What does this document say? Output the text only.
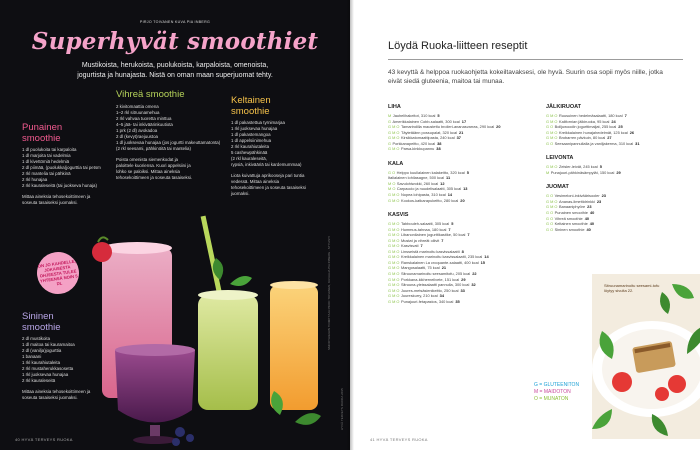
PIRJO TOIVANEN KUVA PIA INBERG
Superhyvät smoothiet
Mustikoista, herukoista, puolukoista, karpaloista, omenoista, jogurtista ja hunajasta. Nistä on oman maan superjuomat tehty.
Punainen smoothie
1 dl puolukoita tai karpaloita
1 dl marjoita tai vadelmia
1 dl kivettömiä hedelmiä
2 dl piimää, (puolukka)jogurttia tai petsm
2 rkl mantelia tai pähkinä
2 rkl hunajaa
2 rkl kauraleseitä (tai juokseva hunaja)
Mittaa aineksia tehosekoittimeen ja soseuta tasaiseksi juomaksi.
Vihreä smoothie
2 kivitomaattia omena
1–2 rkl sitruunamehua
2 rkl vahvaa tuoretta minttua
4–5 jää- tai inkiväärinkuutiota
1 prk (2 dl) avokadoa
2 dl (kevyt)raejuustoa
1 dl juoksevaa hunajaa (jos jogurtti makeuttamatonta)
(2 rkl seesami, pähkinöitä tai mantelia)
Poista omenista siemenkodat ja paloittele kuoriensa. Kuori appelsiini ja lohko se paloiksi. Mittaa aineksia tehosekoittimeen ja soseuta tasaiseksi.
Keltainen smoothie
1 dl pakastettua tyrnimarjaa
1 rkl juoksevaa hunajaa
1 dl pakastemangoa
1 dl appelsiinimehua
2 rkl kaurahiutaleita
5 cashewpähkinää
(2 rkl kauraleseitä,
rypsiä, inkivääriä tai kardemummaa)
Liota kuivattuja aprikooseja pari tuntia vedessä. Mittaa aineksia tehosekoittimeen ja soseuta tasaiseksi juomaksi.
Sininen smoothie
2 dl mustikoita
1 dl maitoa tai kauramaitoa
2 dl (vanilja)jogurttia
1 banaani
1 rkl kaurahiutaleita
2 rkl mustaherukkasosetta
1 rkl juoksevaa hunajaa
2 rkl kauraleseitä
Mittaa aineksia tehosekoittimeen ja soseuta tasaiseksi juomaksi.
ON JO KAHDELLE, JOKAISESTA OHJEESTA TULEE YHTEENSÄ NOIN 5 DL	SMOOTHIEIHIN TOIMITTAJA PIRJO TOIVANEN, KUVAAJA PIA INBERG · STYLISTI
HYVÄ TERVEYS RUOKA 2015
40 HYVÄ TERVEYS RUOKA
Löydä Ruoka-liitteen reseptit
43 kevyttä & helppoa ruokaohjetta kokeiltavaksesi, ole hyvä. Suurin osa sopii myös niille, jotka eivät siedä gluteenia, maitoa tai munaa.
LIHA
M Jauhelihakeitot, 310 kcal 5
G Amerikkalainen Cobb-salaatti, 300 kcal 17
G M O Tamarindilla maustettu broileri-ananasvarras, 290 kcal 20
G M O Täytetäänn possupalat, 320 kcal 21
G M O Kirsikkatomaattipasta, 240 kcal 37
G Porkkanapeitto, 420 kcal 38
G M O Parsa-kinkkupannu 38
KALA
G O Helppo kuullalainen kalakeitto, 320 kcal 5
Italialainen lohilasagne, 500 kcal 11
M O Savulohiwokki, 260 kcal 12
M O Carpaccio ja nuudelisalaatti, 305 kcal 13
G M O Nopea lohipasta, 310 kcal 14
G M O Kookos-katkarapukeitto, 280 kcal 20
KASVIS
G M O Tabbouleh-salaatti, 305 kcal 5
G M O Hummus-tahnaa, 180 kcal 7
G M O Libanonilainen jogurttikastike, 50 kcal 7
G M O Mustat ja vihreät oliivit 7
G M O Kasvisvati 7
G M O Linsseistä marinoitu kasvissalaatti 8
G M O Kreikkalainen marinoitu kasvissalaatti, 235 kcal 14
G M O Ranskalainen La croquante-salaatti, 400 kcal 15
G M O Mangosalaatti, 75 kcal 21
G M O Sitruunamarinoitu seesamitofu, 205 kcal 22
G M O Porkkana-kikherneilvete, 151 kcal 29
G M O Sitruuna-yleissalaatti pannulla, 300 kcal 32
G M O Juures-metsäsienikeitto, 250 kcal 33
G M O Juureskurry, 210 kcal 34
G M O Punajuuri-fetapastos, 340 kcal 35
JÄLKIRUOAT
G M O Ruusuinen hedelmäsalaatti, 180 kcal 7
G M O Kalifornian jälkiruoka, 95 kcal 24
G O Bolljuwoodin jogurttimaljat, 255 kcal 25
G M O Kreikkalainen hunajahedelmät, 125 kcal 26
G M O Brobarren pävkuin, 80 kcal 27
G O Seesaanipannullalla ja vaniljakerma, 310 kcal 31
LEIVONTA
G M O Zeisler-leivät, 245 kcal 5
M Punajuuri-pähkinäsämpylät, 150 kcal 29
JUOMAT
G O Vesimeloni-inkiväärisooler 23
G M O Ananas-limettidrinkki 23
G M O Banaaniphyöre 23
G O Punainen smoothie 40
G O Vihreä smoothie 40
G O Keltainen smoothie 40
G O Sininen smoothie 40
G = GLUTEENITON
M = MAIDOTON
O = MUNATON
Sitruunamarinoitu seesami-tofu löytyy sivulta 22.
41 HYVÄ TERVEYS RUOKA
